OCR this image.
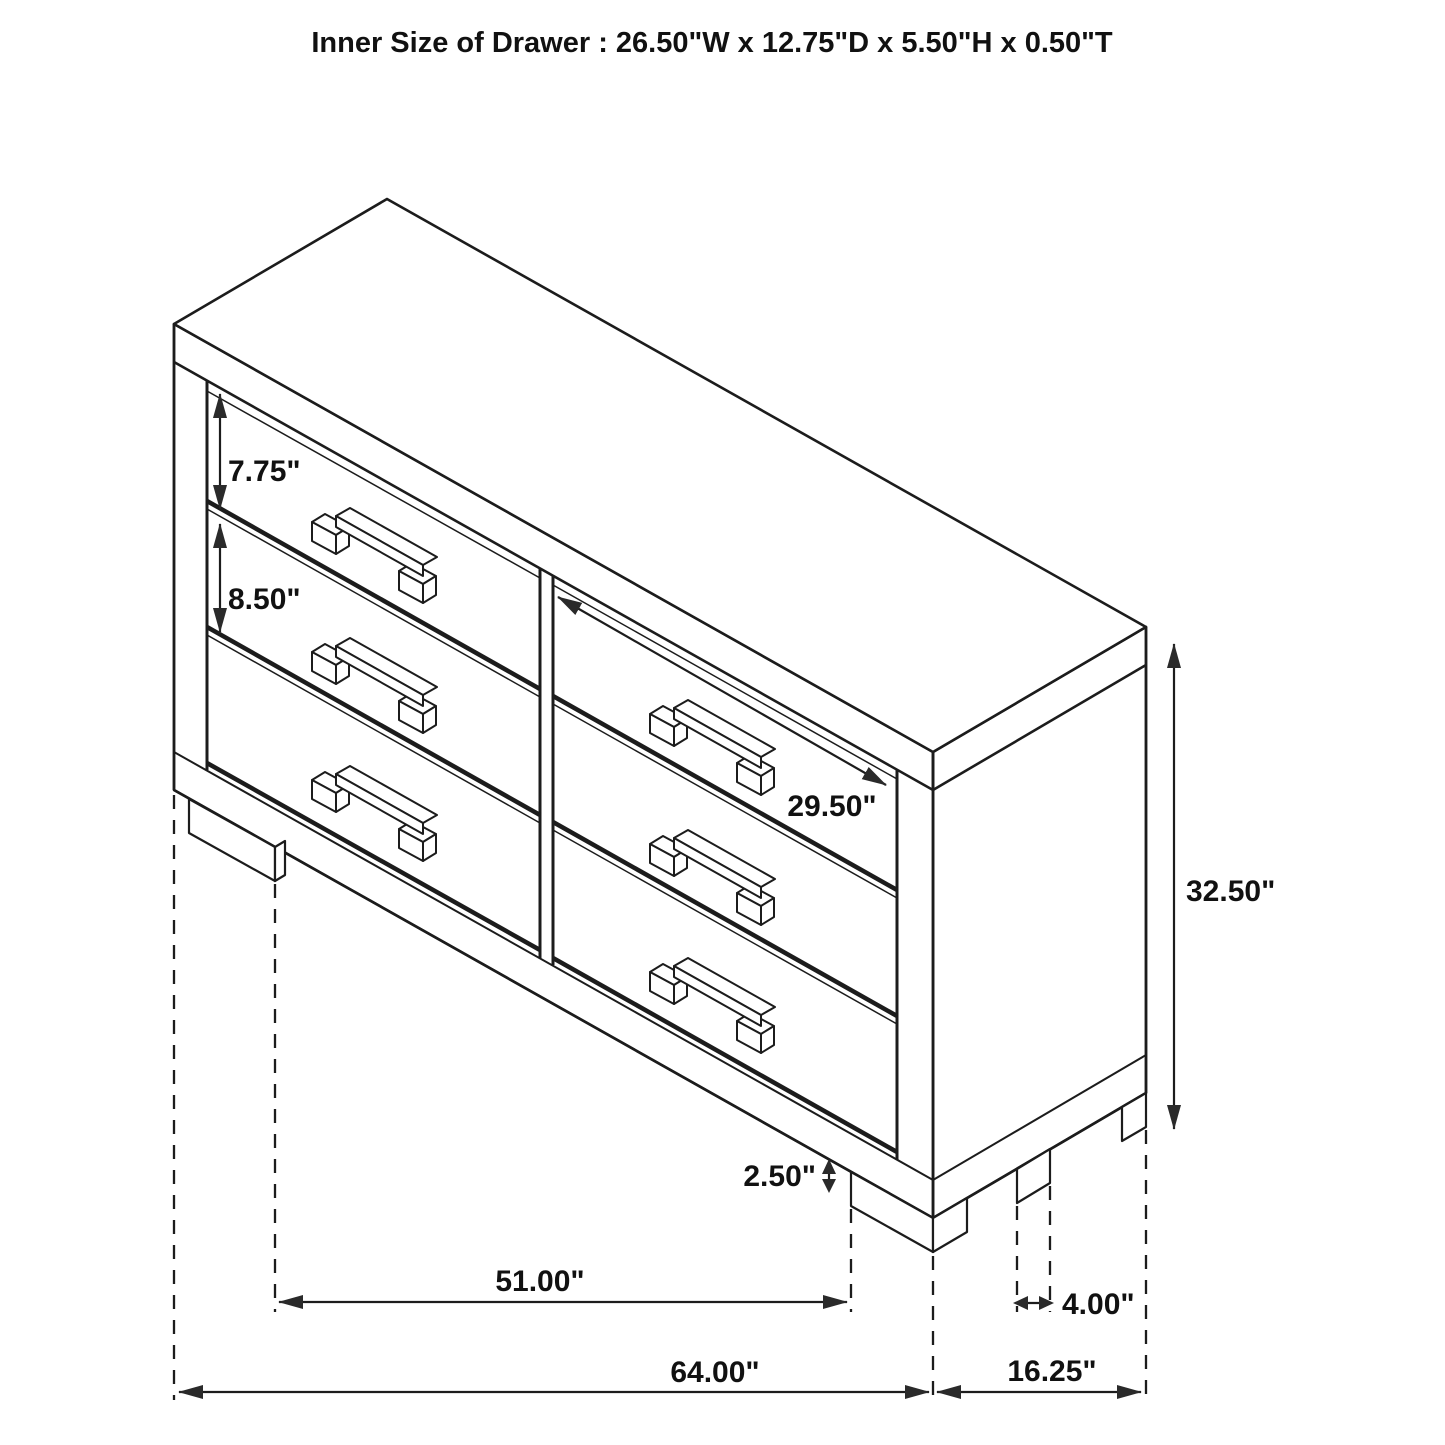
Inner Size of Drawer : 26.50"W x 12.75"D x 5.50"H x 0.50"T
7.75"
8.50"
29.50"
32.50"
2.50"
51.00"
4.00"
64.00"	16.25"
